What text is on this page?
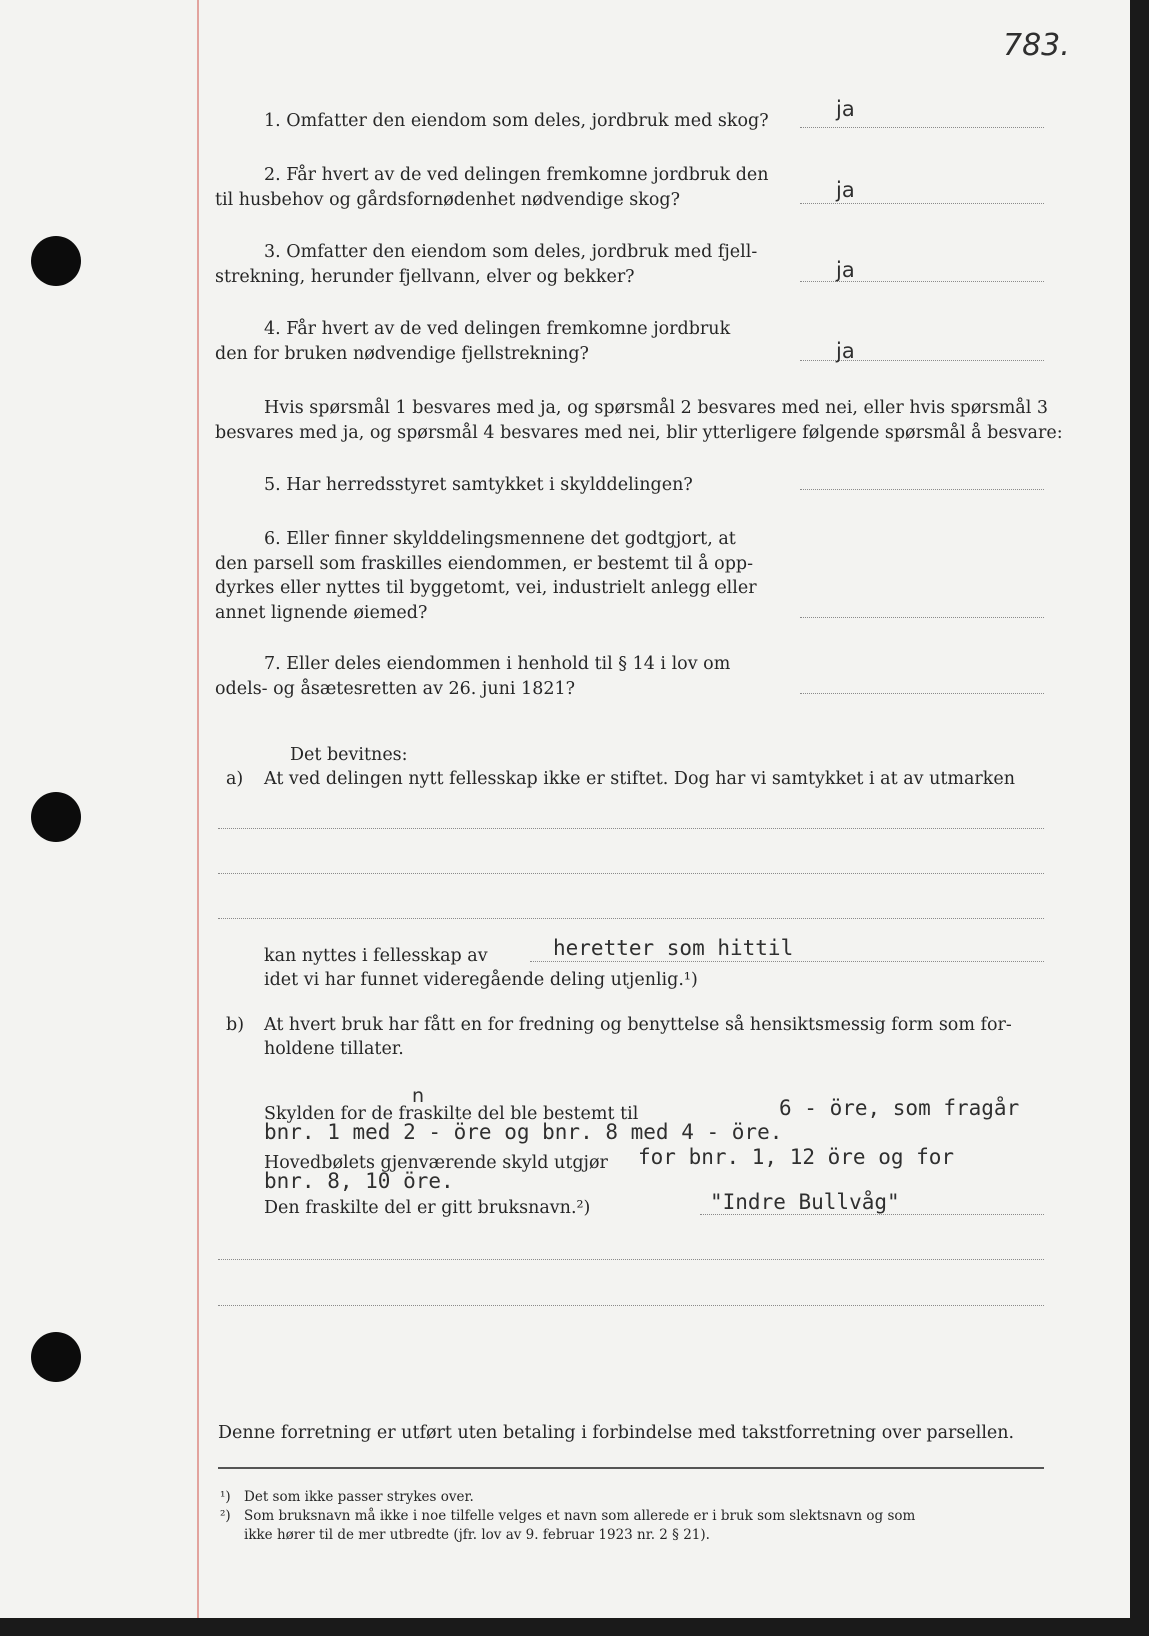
783.
1. Omfatter den eiendom som deles, jordbruk med skog?	ja
2. Får hvert av de ved delingen fremkomne jordbruk den
til husbehov og gårdsfornødenhet nødvendige skog?	ja
3. Omfatter den eiendom som deles, jordbruk med fjell-
strekning, herunder fjellvann, elver og bekker?	ja
4. Får hvert av de ved delingen fremkomne jordbruk
den for bruken nødvendige fjellstrekning?	ja
Hvis spørsmål 1 besvares med ja, og spørsmål 2 besvares med nei, eller hvis spørsmål 3
besvares med ja, og spørsmål 4 besvares med nei, blir ytterligere følgende spørsmål å besvare:
5. Har herredsstyret samtykket i skylddelingen?
6. Eller finner skylddelingsmennene det godtgjort, at
den parsell som fraskilles eiendommen, er bestemt til å opp-
dyrkes eller nyttes til byggetomt, vei, industrielt anlegg eller
annet lignende øiemed?
7. Eller deles eiendommen i henhold til § 14 i lov om
odels- og åsætesretten av 26. juni 1821?
Det bevitnes:
a) At ved delingen nytt fellesskap ikke er stiftet. Dog har vi samtykket i at av utmarken
kan nyttes i fellesskap av	heretter som hittil
idet vi har funnet videregående deling utjenlig.¹)
b) At hvert bruk har fått en for fredning og benyttelse så hensiktsmessig form som for-
holdene tillater.
Skylden for de fraskilte del ble bestemt til
n	6 - öre, som fragår
bnr. 1 med 2 - öre og bnr. 8 med 4 - öre.
Hovedbølets gjenværende skyld utgjør for bnr. 1, 12 öre og for
bnr. 8, 10 öre.
Den fraskilte del er gitt bruksnavn.²)	"Indre Bullvåg"
Denne forretning er utført uten betaling i forbindelse med takstforretning over parsellen.
¹) Det som ikke passer strykes over.
²) Som bruksnavn må ikke i noe tilfelle velges et navn som allerede er i bruk som slektsnavn og som
ikke hører til de mer utbredte (jfr. lov av 9. februar 1923 nr. 2 § 21).
